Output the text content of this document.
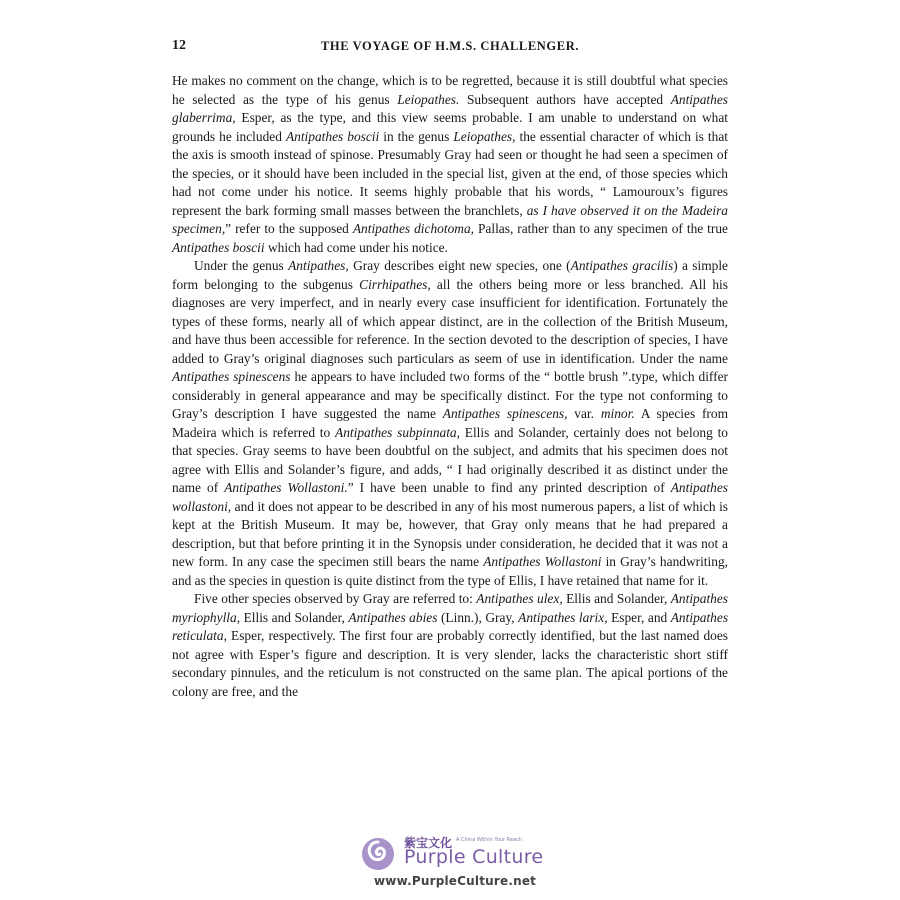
12	THE VOYAGE OF H.M.S. CHALLENGER.

He makes no comment on the change, which is to be regretted, because it is still doubtful what species he selected as the type of his genus Leiopathes. Subsequent authors have accepted Antipathes glaberrima, Esper, as the type, and this view seems probable. I am unable to understand on what grounds he included Antipathes boscii in the genus Leiopathes, the essential character of which is that the axis is smooth instead of spinose. Presumably Gray had seen or thought he had seen a specimen of the species, or it should have been included in the special list, given at the end, of those species which had not come under his notice. It seems highly probable that his words, “ Lamouroux’s figures represent the bark forming small masses between the branchlets, as I have observed it on the Madeira specimen,” refer to the supposed Antipathes dichotoma, Pallas, rather than to any specimen of the true Antipathes boscii which had come under his notice.

Under the genus Antipathes, Gray describes eight new species, one (Antipathes gracilis) a simple form belonging to the subgenus Cirrhipathes, all the others being more or less branched. All his diagnoses are very imperfect, and in nearly every case insufficient for identification. Fortunately the types of these forms, nearly all of which appear distinct, are in the collection of the British Museum, and have thus been accessible for reference. In the section devoted to the description of species, I have added to Gray’s original diagnoses such particulars as seem of use in identification. Under the name Antipathes spinescens he appears to have included two forms of the “ bottle brush ”.type, which differ considerably in general appearance and may be specifically distinct. For the type not conforming to Gray’s description I have suggested the name Antipathes spinescens, var. minor. A species from Madeira which is referred to Antipathes subpinnata, Ellis and Solander, certainly does not belong to that species. Gray seems to have been doubtful on the subject, and admits that his specimen does not agree with Ellis and Solander’s figure, and adds, “ I had originally described it as distinct under the name of Antipathes Wollastoni.” I have been unable to find any printed description of Antipathes wollastoni, and it does not appear to be described in any of his most numerous papers, a list of which is kept at the British Museum. It may be, however, that Gray only means that he had prepared a description, but that before printing it in the Synopsis under consideration, he decided that it was not a new form. In any case the specimen still bears the name Antipathes Wollastoni in Gray’s handwriting, and as the species in question is quite distinct from the type of Ellis, I have retained that name for it.

Five other species observed by Gray are referred to: Antipathes ulex, Ellis and Solander, Antipathes myriophylla, Ellis and Solander, Antipathes abies (Linn.), Gray, Antipathes larix, Esper, and Antipathes reticulata, Esper, respectively. The first four are probably correctly identified, but the last named does not agree with Esper’s figure and description. It is very slender, lacks the characteristic short stiff secondary pinnules, and the reticulum is not constructed on the same plan. The apical portions of the colony are free, and the

紫宝文化 A China Within Your Reach
Purple Culture
www.PurpleCulture.net
